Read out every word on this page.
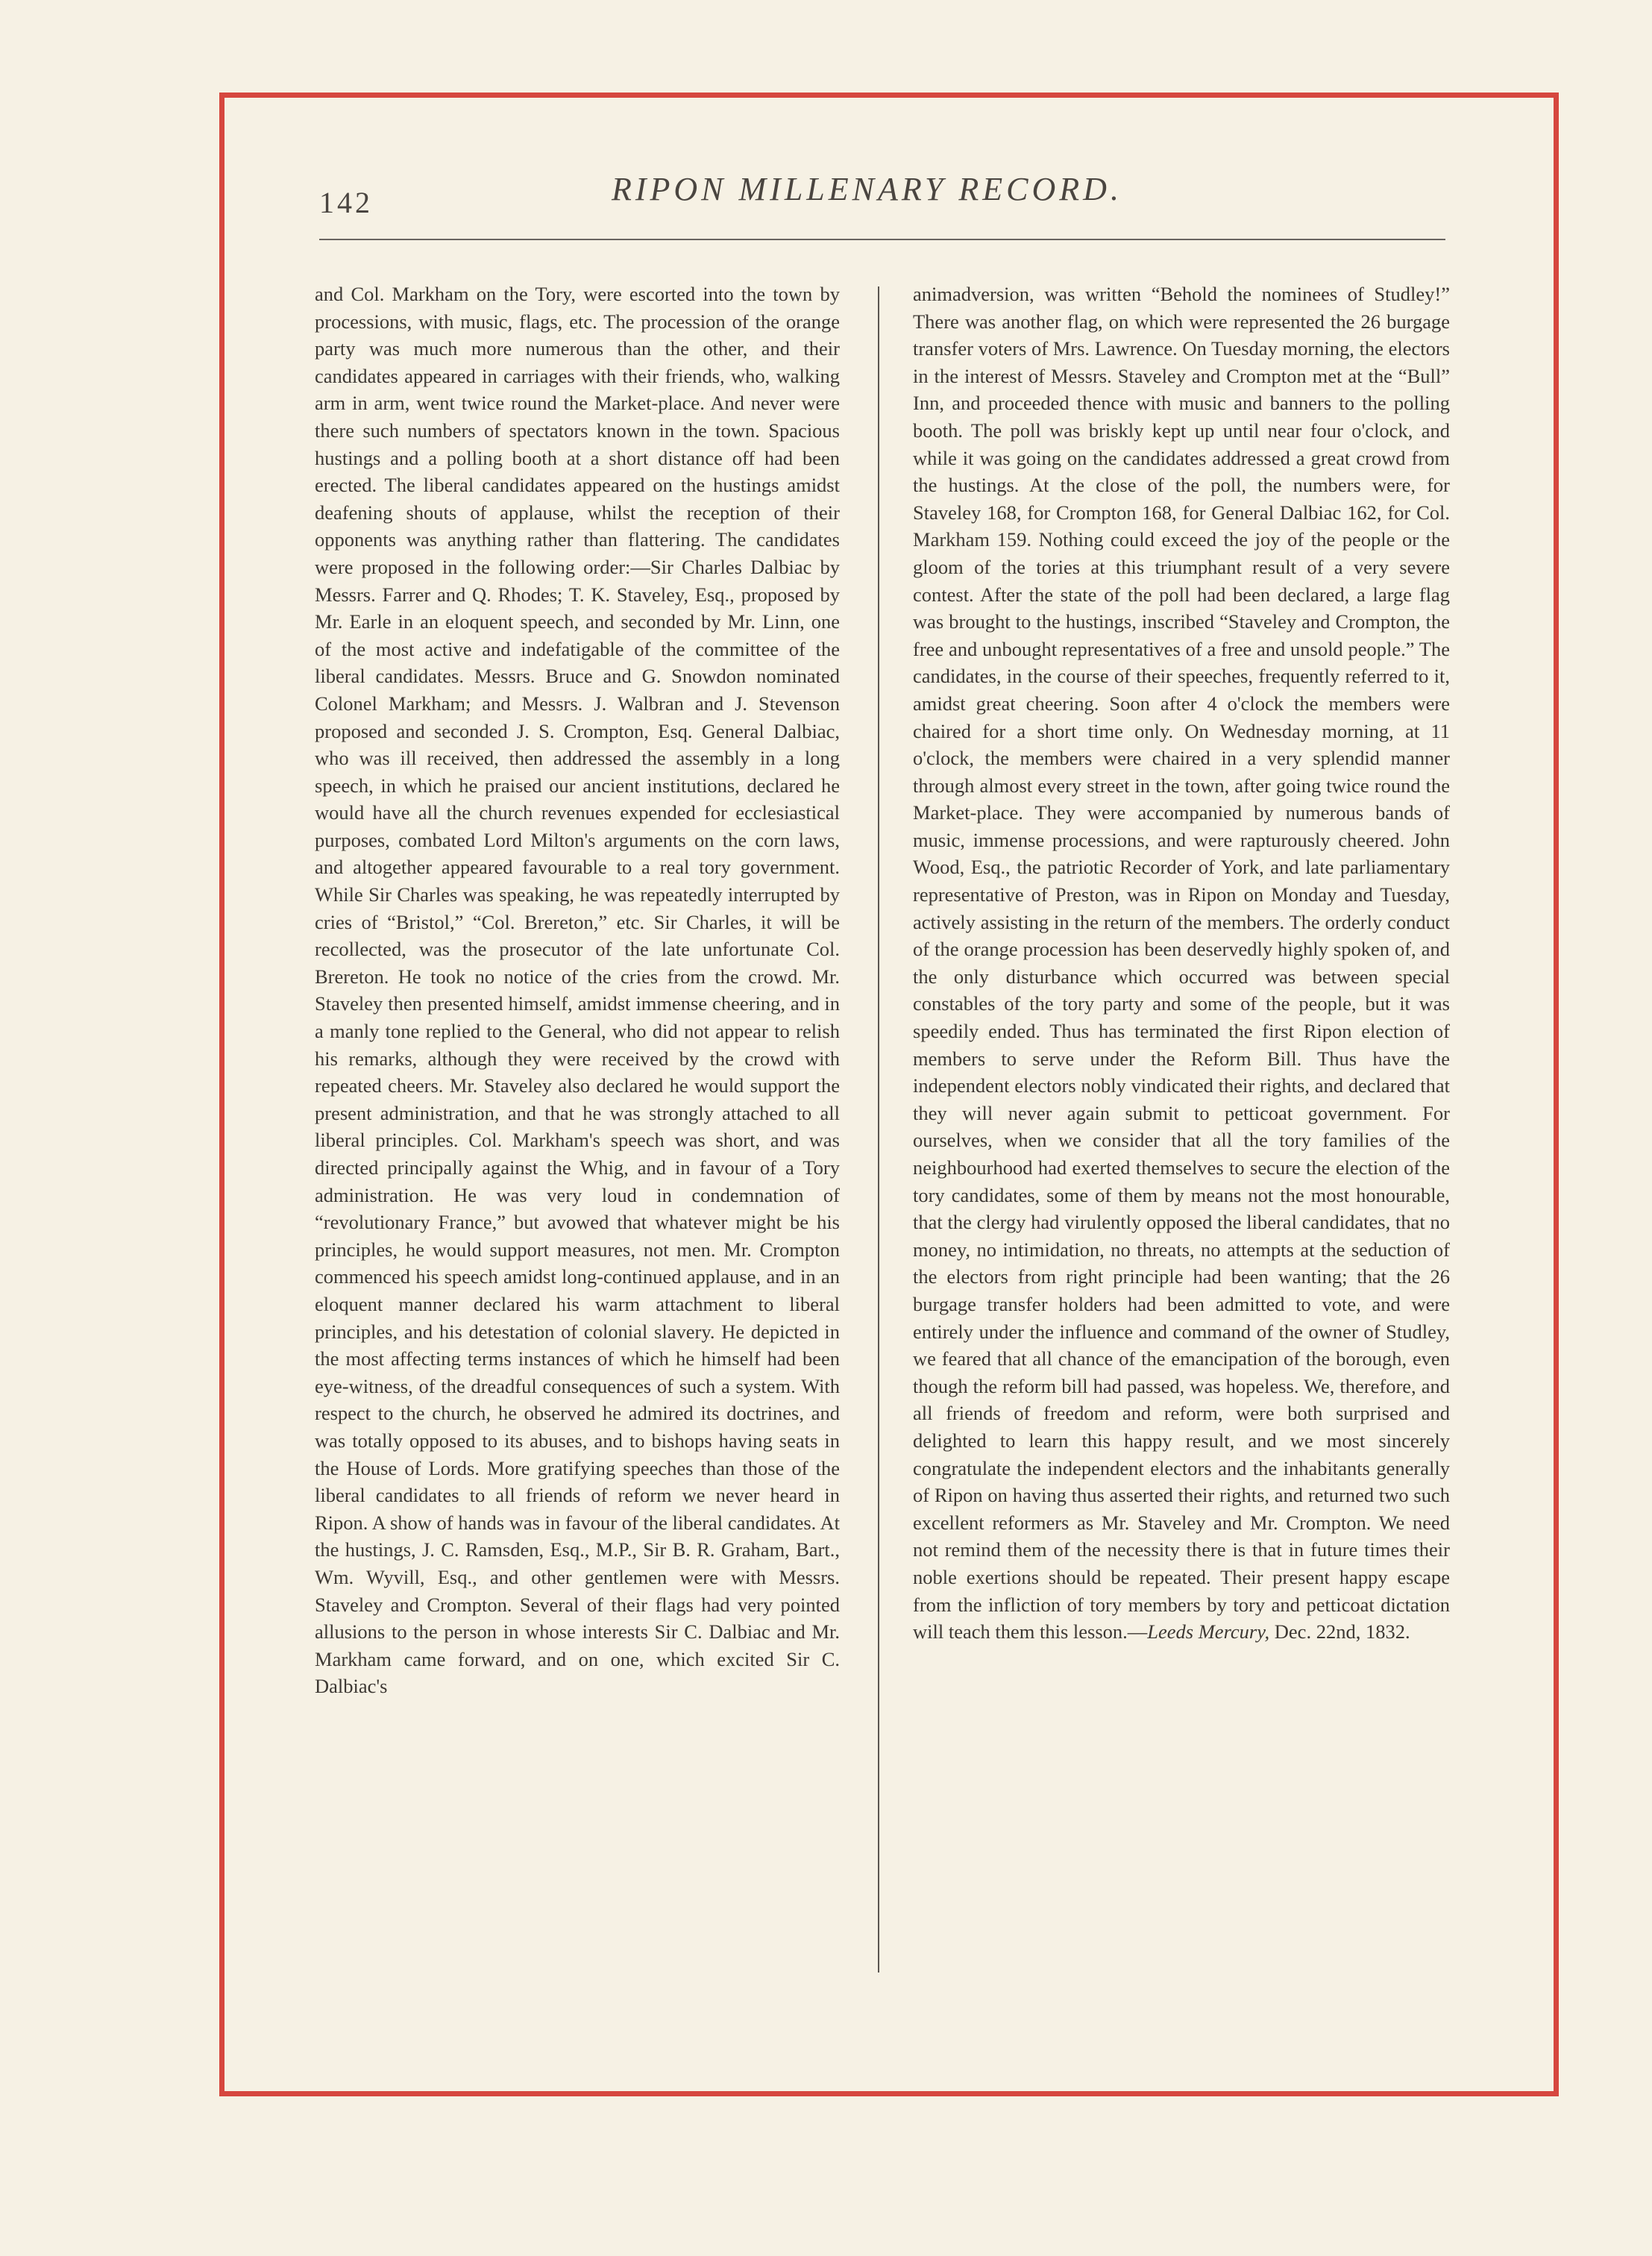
142	RIPON MILLENARY RECORD.
and Col. Markham on the Tory, were escorted into the town by processions, with music, flags, etc. The procession of the orange party was much more numerous than the other, and their candidates appeared in carriages with their friends, who, walking arm in arm, went twice round the Market-place. And never were there such numbers of spectators known in the town. Spacious hustings and a polling booth at a short distance off had been erected. The liberal candidates appeared on the hustings amidst deafening shouts of applause, whilst the reception of their opponents was anything rather than flattering. The candidates were proposed in the following order:—Sir Charles Dalbiac by Messrs. Farrer and Q. Rhodes; T. K. Staveley, Esq., proposed by Mr. Earle in an eloquent speech, and seconded by Mr. Linn, one of the most active and indefatigable of the committee of the liberal candidates. Messrs. Bruce and G. Snowdon nominated Colonel Markham; and Messrs. J. Walbran and J. Stevenson proposed and seconded J. S. Crompton, Esq. General Dalbiac, who was ill received, then addressed the assembly in a long speech, in which he praised our ancient institutions, declared he would have all the church revenues expended for ecclesiastical purposes, combated Lord Milton's arguments on the corn laws, and altogether appeared favourable to a real tory government. While Sir Charles was speaking, he was repeatedly interrupted by cries of “Bristol,” “Col. Brereton,” etc. Sir Charles, it will be recollected, was the prosecutor of the late unfortunate Col. Brereton. He took no notice of the cries from the crowd. Mr. Staveley then presented himself, amidst immense cheering, and in a manly tone replied to the General, who did not appear to relish his remarks, although they were received by the crowd with repeated cheers. Mr. Staveley also declared he would support the present administration, and that he was strongly attached to all liberal principles. Col. Markham's speech was short, and was directed principally against the Whig, and in favour of a Tory administration. He was very loud in condemnation of “revolutionary France,” but avowed that whatever might be his principles, he would support measures, not men. Mr. Crompton commenced his speech amidst long-continued applause, and in an eloquent manner declared his warm attachment to liberal principles, and his detestation of colonial slavery. He depicted in the most affecting terms instances of which he himself had been eye-witness, of the dreadful consequences of such a system. With respect to the church, he observed he admired its doctrines, and was totally opposed to its abuses, and to bishops having seats in the House of Lords. More gratifying speeches than those of the liberal candidates to all friends of reform we never heard in Ripon. A show of hands was in favour of the liberal candidates. At the hustings, J. C. Ramsden, Esq., M.P., Sir B. R. Graham, Bart., Wm. Wyvill, Esq., and other gentlemen were with Messrs. Staveley and Crompton. Several of their flags had very pointed allusions to the person in whose interests Sir C. Dalbiac and Mr. Markham came forward, and on one, which excited Sir C. Dalbiac's
animadversion, was written “Behold the nominees of Studley!” There was another flag, on which were represented the 26 burgage transfer voters of Mrs. Lawrence. On Tuesday morning, the electors in the interest of Messrs. Staveley and Crompton met at the “Bull” Inn, and proceeded thence with music and banners to the polling booth. The poll was briskly kept up until near four o'clock, and while it was going on the candidates addressed a great crowd from the hustings. At the close of the poll, the numbers were, for Staveley 168, for Crompton 168, for General Dalbiac 162, for Col. Markham 159. Nothing could exceed the joy of the people or the gloom of the tories at this triumphant result of a very severe contest. After the state of the poll had been declared, a large flag was brought to the hustings, inscribed “Staveley and Crompton, the free and unbought representatives of a free and unsold people.” The candidates, in the course of their speeches, frequently referred to it, amidst great cheering. Soon after 4 o'clock the members were chaired for a short time only. On Wednesday morning, at 11 o'clock, the members were chaired in a very splendid manner through almost every street in the town, after going twice round the Market-place. They were accompanied by numerous bands of music, immense processions, and were rapturously cheered. John Wood, Esq., the patriotic Recorder of York, and late parliamentary representative of Preston, was in Ripon on Monday and Tuesday, actively assisting in the return of the members. The orderly conduct of the orange procession has been deservedly highly spoken of, and the only disturbance which occurred was between special constables of the tory party and some of the people, but it was speedily ended. Thus has terminated the first Ripon election of members to serve under the Reform Bill. Thus have the independent electors nobly vindicated their rights, and declared that they will never again submit to petticoat government. For ourselves, when we consider that all the tory families of the neighbourhood had exerted themselves to secure the election of the tory candidates, some of them by means not the most honourable, that the clergy had virulently opposed the liberal candidates, that no money, no intimidation, no threats, no attempts at the seduction of the electors from right principle had been wanting; that the 26 burgage transfer holders had been admitted to vote, and were entirely under the influence and command of the owner of Studley, we feared that all chance of the emancipation of the borough, even though the reform bill had passed, was hopeless. We, therefore, and all friends of freedom and reform, were both surprised and delighted to learn this happy result, and we most sincerely congratulate the independent electors and the inhabitants generally of Ripon on having thus asserted their rights, and returned two such excellent reformers as Mr. Staveley and Mr. Crompton. We need not remind them of the necessity there is that in future times their noble exertions should be repeated. Their present happy escape from the infliction of tory members by tory and petticoat dictation will teach them this lesson.—Leeds Mercury, Dec. 22nd, 1832.
